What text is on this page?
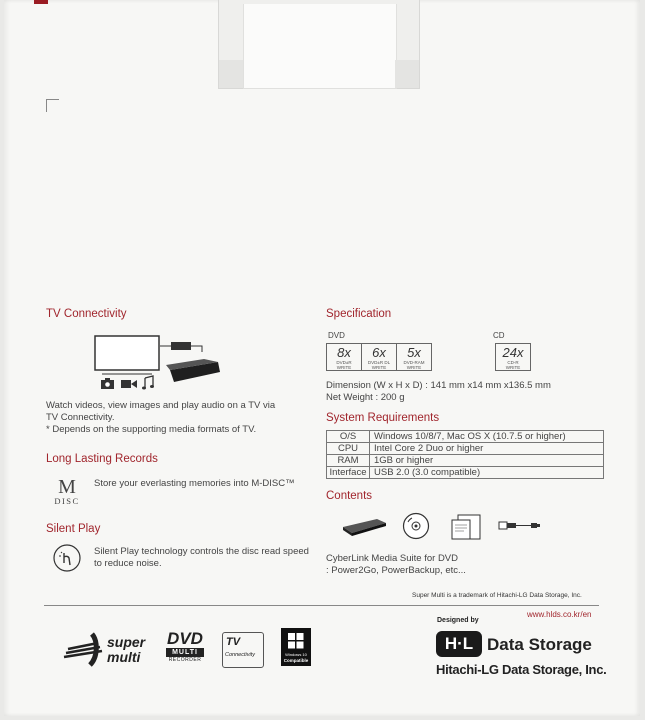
TV Connectivity
Watch videos, view images and play audio on a TV via
TV Connectivity.
* Depends on the supporting media formats of TV.
Long Lasting Records
M
DISC
Store your everlasting memories into M-DISC™
Silent Play
Silent Play technology controls the disc read speed
to reduce noise.
Specification
DVD	CD
8x
DVD±R
WRITE
6x
DVD±R DL
WRITE
5x
DVD-RAM
WRITE
24x
CD-R
WRITE
Dimension (W x H x D) : 141 mm x14 mm x136.5 mm
Net Weight : 200 g
System Requirements
O/S	Windows 10/8/7, Mac OS X (10.7.5 or higher)
CPU	Intel Core 2 Duo or higher
RAM	1GB or higher
Interface	USB 2.0 (3.0 compatible)
Contents
CyberLink Media Suite for DVD
: Power2Go, PowerBackup, etc...
Super Multi is a trademark of Hitachi-LG Data Storage, Inc.
www.hlds.co.kr/en
super
multi
DVD
MULTI
RECORDER
TV
Connectivity	Windows 10
Compatible
Designed by
H·L Data Storage
Hitachi-LG Data Storage, Inc.
